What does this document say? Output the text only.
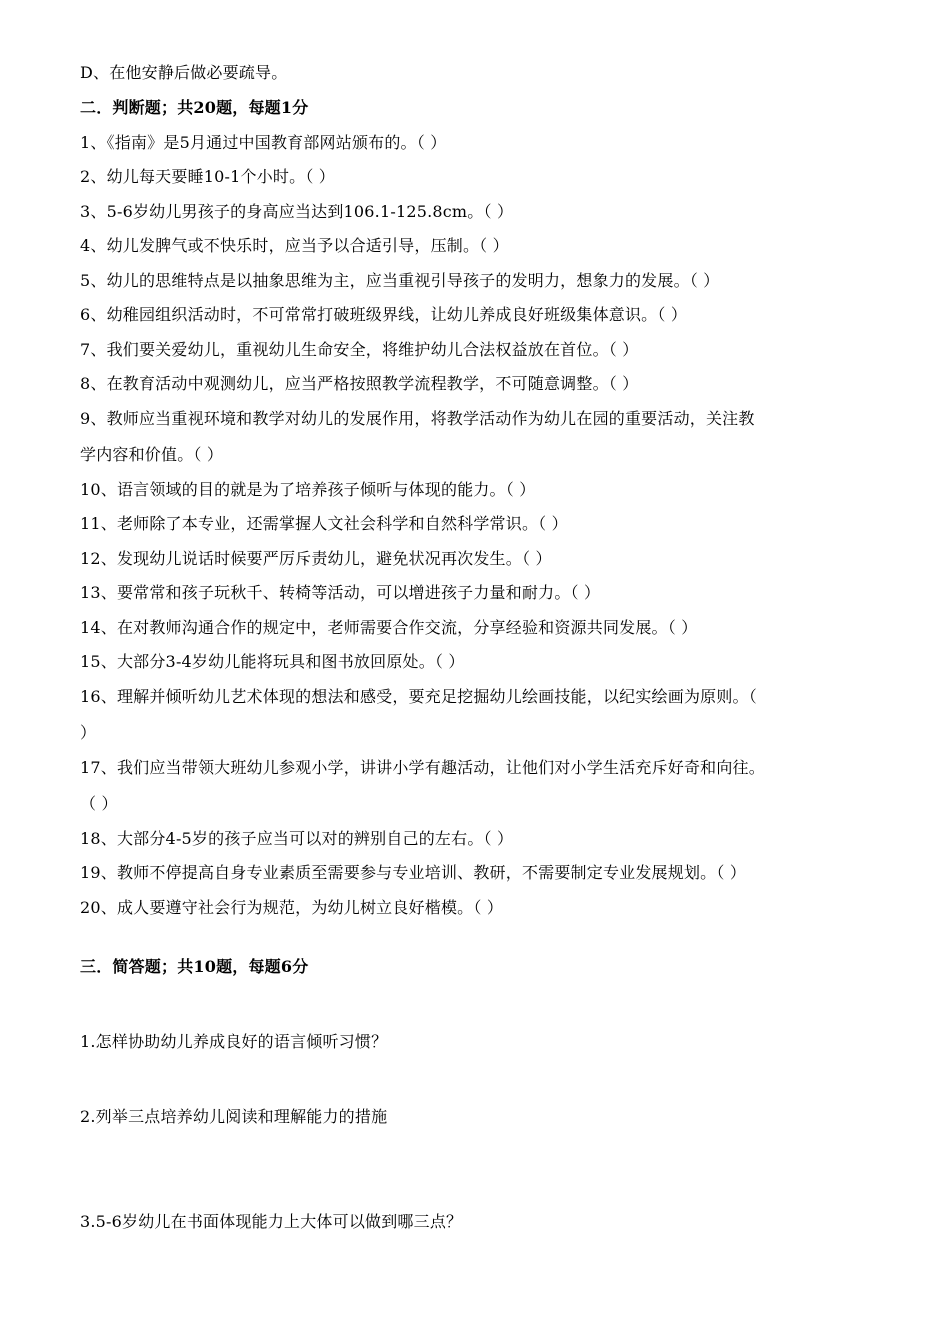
D、在他安静后做必要疏导。
二．判断题；共20题，每题1分
1、《指南》是5月通过中国教育部网站颁布的。（ ）
2、幼儿每天要睡10-1个小时。（ ）
3、5-6岁幼儿男孩子的身高应当达到106.1-125.8cm。（ ）
4、幼儿发脾气或不快乐时，应当予以合适引导，压制。（ ）
5、幼儿的思维特点是以抽象思维为主，应当重视引导孩子的发明力，想象力的发展。（ ）
6、幼稚园组织活动时，不可常常打破班级界线，让幼儿养成良好班级集体意识。（ ）
7、我们要关爱幼儿，重视幼儿生命安全，将维护幼儿合法权益放在首位。（ ）
8、在教育活动中观测幼儿，应当严格按照教学流程教学，不可随意调整。（ ）
9、教师应当重视环境和教学对幼儿的发展作用，将教学活动作为幼儿在园的重要活动，关注教
学内容和价值。（ ）
10、语言领域的目的就是为了培养孩子倾听与体现的能力。（ ）
11、老师除了本专业，还需掌握人文社会科学和自然科学常识。（ ）
12、发现幼儿说话时候要严厉斥责幼儿，避免状况再次发生。（ ）
13、要常常和孩子玩秋千、转椅等活动，可以增进孩子力量和耐力。（ ）
14、在对教师沟通合作的规定中，老师需要合作交流，分享经验和资源共同发展。（ ）
15、大部分3-4岁幼儿能将玩具和图书放回原处。（ ）
16、理解并倾听幼儿艺术体现的想法和感受，要充足挖掘幼儿绘画技能，以纪实绘画为原则。（
）
17、我们应当带领大班幼儿参观小学，讲讲小学有趣活动，让他们对小学生活充斥好奇和向往。
（ ）
18、大部分4-5岁的孩子应当可以对的辨别自己的左右。（ ）
19、教师不停提高自身专业素质至需要参与专业培训、教研，不需要制定专业发展规划。（ ）
20、成人要遵守社会行为规范，为幼儿树立良好楷模。（ ）
三．简答题；共10题，每题6分
1.怎样协助幼儿养成良好的语言倾听习惯？
2.列举三点培养幼儿阅读和理解能力的措施
3.5-6岁幼儿在书面体现能力上大体可以做到哪三点？
